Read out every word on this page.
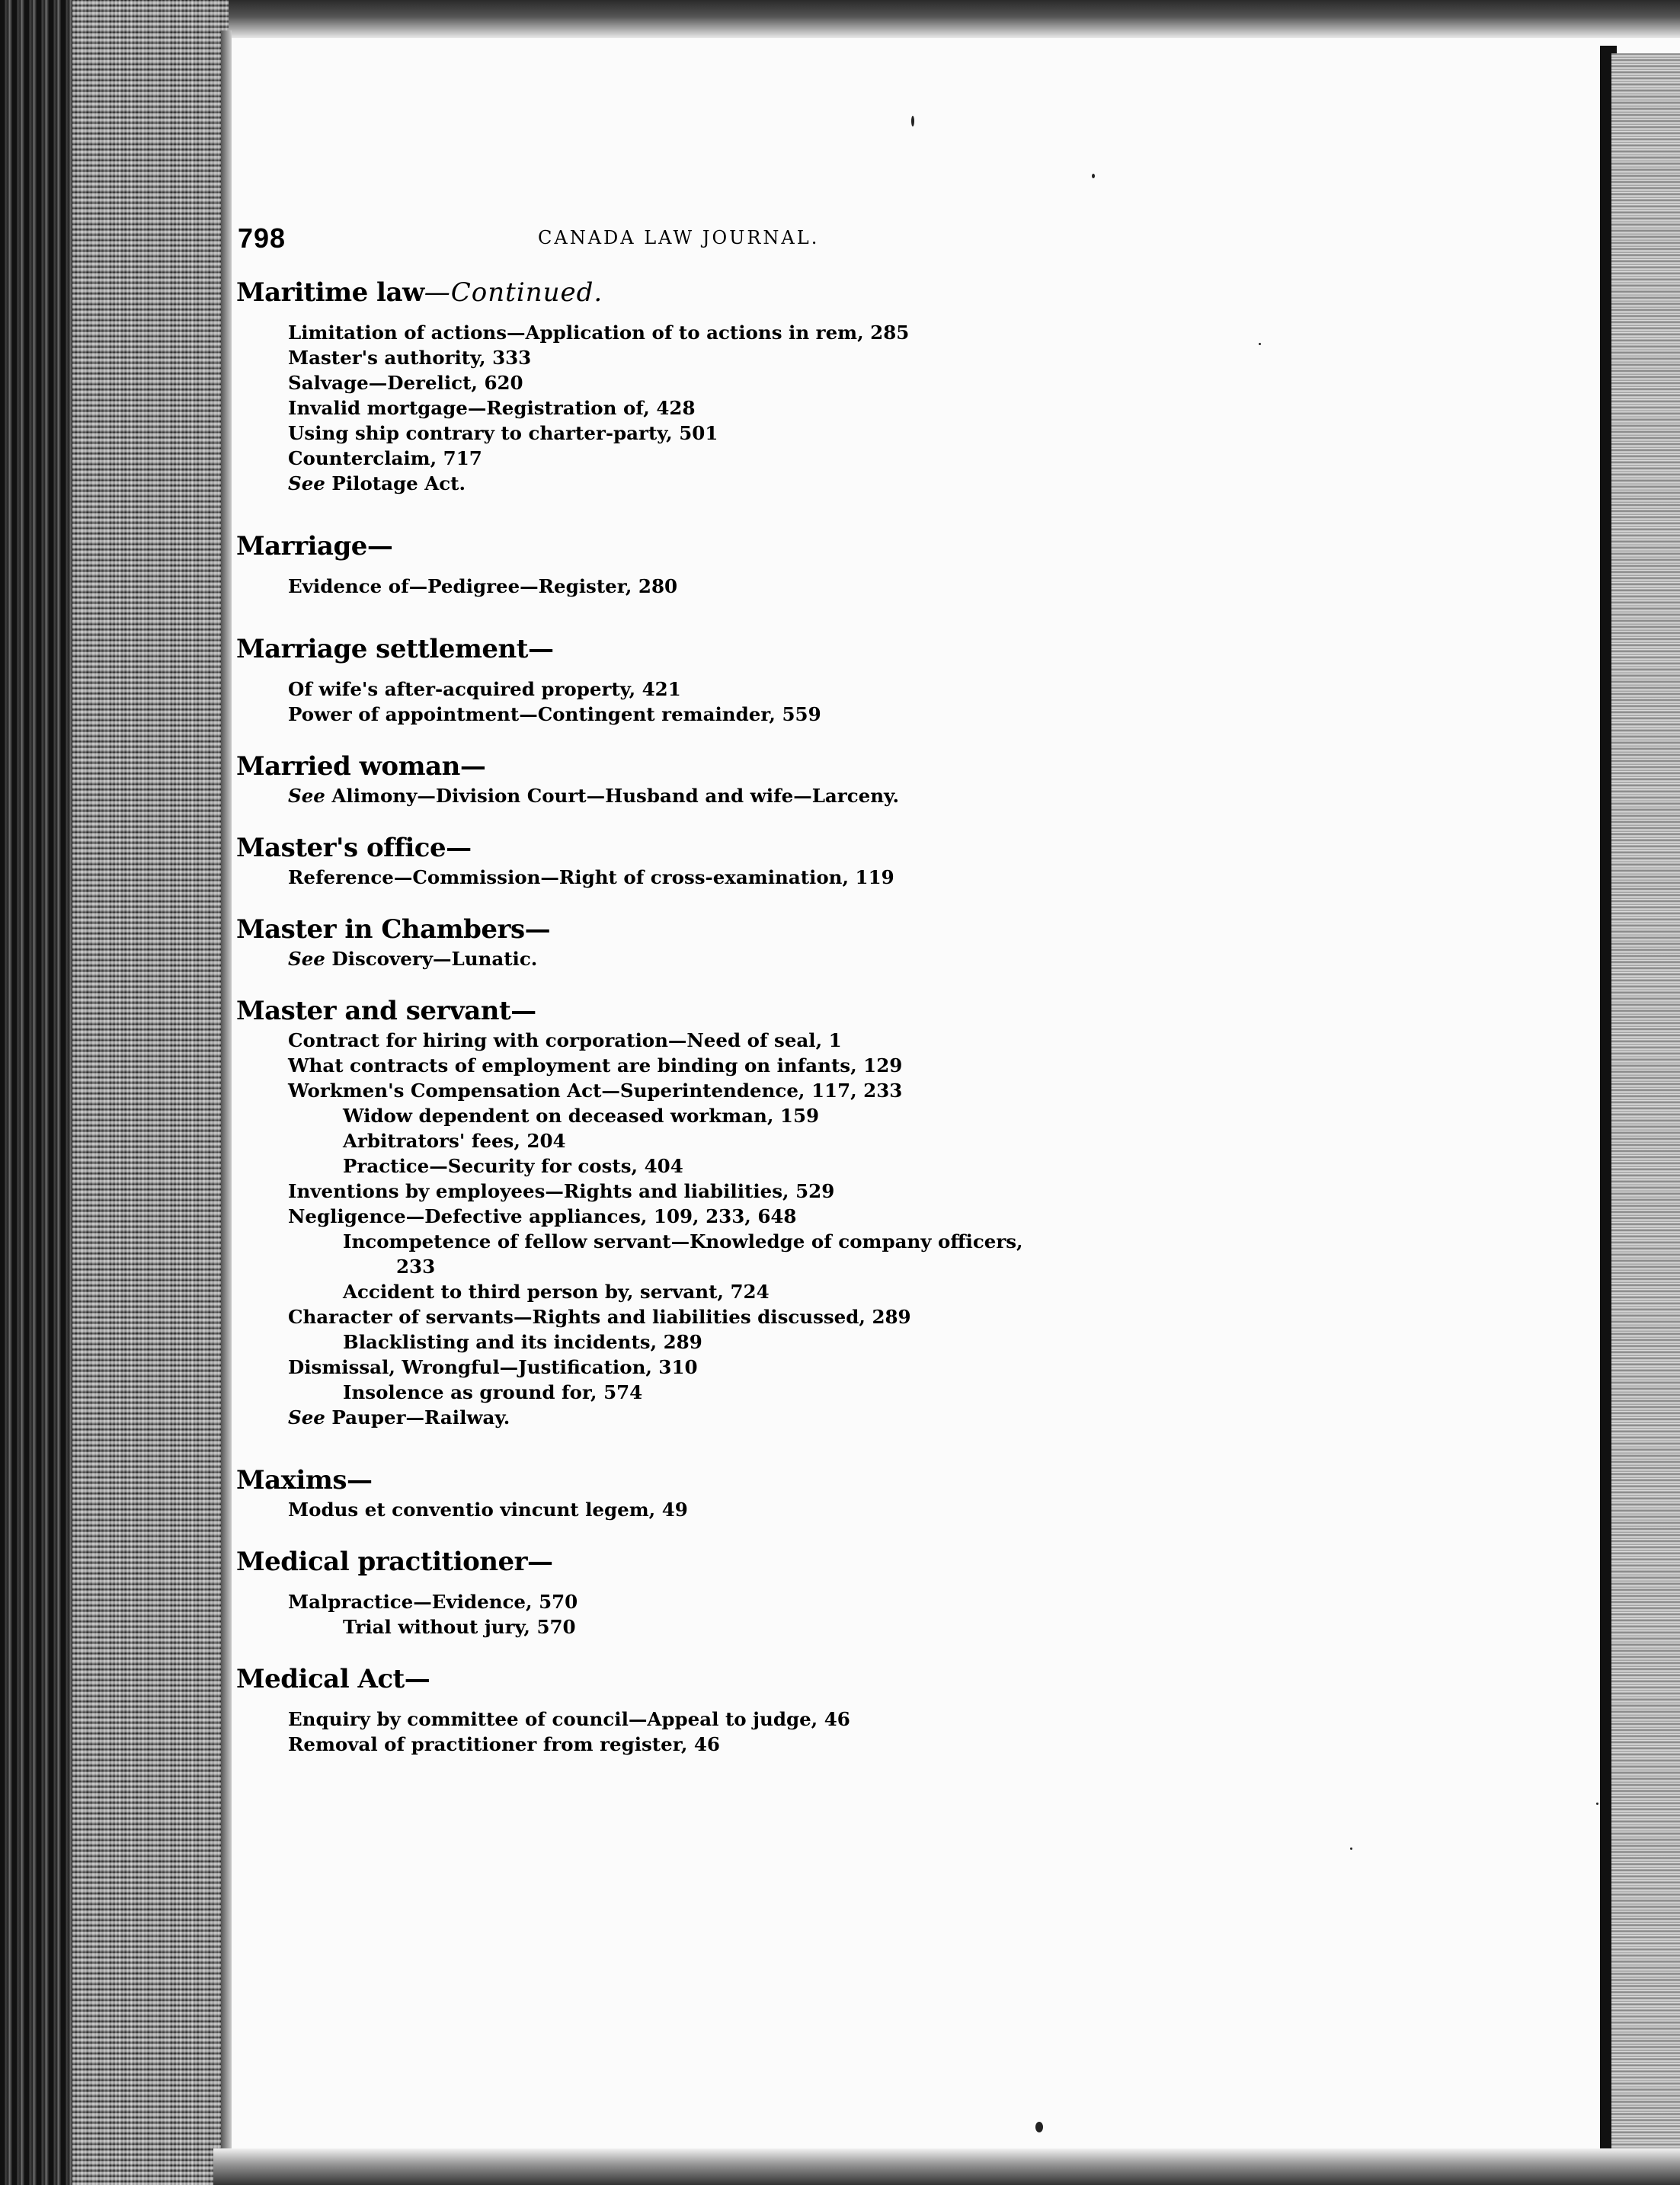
798	CANADA LAW JOURNAL.
Maritime law—Continued.
Limitation of actions—Application of to actions in rem, 285
Master's authority, 333
Salvage—Derelict, 620
Invalid mortgage—Registration of, 428
Using ship contrary to charter-party, 501
Counterclaim, 717
See Pilotage Act.
Marriage—
Evidence of—Pedigree—Register, 280
Marriage settlement—
Of wife's after-acquired property, 421
Power of appointment—Contingent remainder, 559
Married woman—
See Alimony—Division Court—Husband and wife—Larceny.
Master's office—
Reference—Commission—Right of cross-examination, 119
Master in Chambers—
See Discovery—Lunatic.
Master and servant—
Contract for hiring with corporation—Need of seal, 1
What contracts of employment are binding on infants, 129
Workmen's Compensation Act—Superintendence, 117, 233
Widow dependent on deceased workman, 159
Arbitrators' fees, 204
Practice—Security for costs, 404
Inventions by employees—Rights and liabilities, 529
Negligence—Defective appliances, 109, 233, 648
Incompetence of fellow servant—Knowledge of company officers,
233
Accident to third person by, servant, 724
Character of servants—Rights and liabilities discussed, 289
Blacklisting and its incidents, 289
Dismissal, Wrongful—Justification, 310
Insolence as ground for, 574
See Pauper—Railway.
Maxims—
Modus et conventio vincunt legem, 49
Medical practitioner—
Malpractice—Evidence, 570
Trial without jury, 570
Medical Act—
Enquiry by committee of council—Appeal to judge, 46
Removal of practitioner from register, 46
